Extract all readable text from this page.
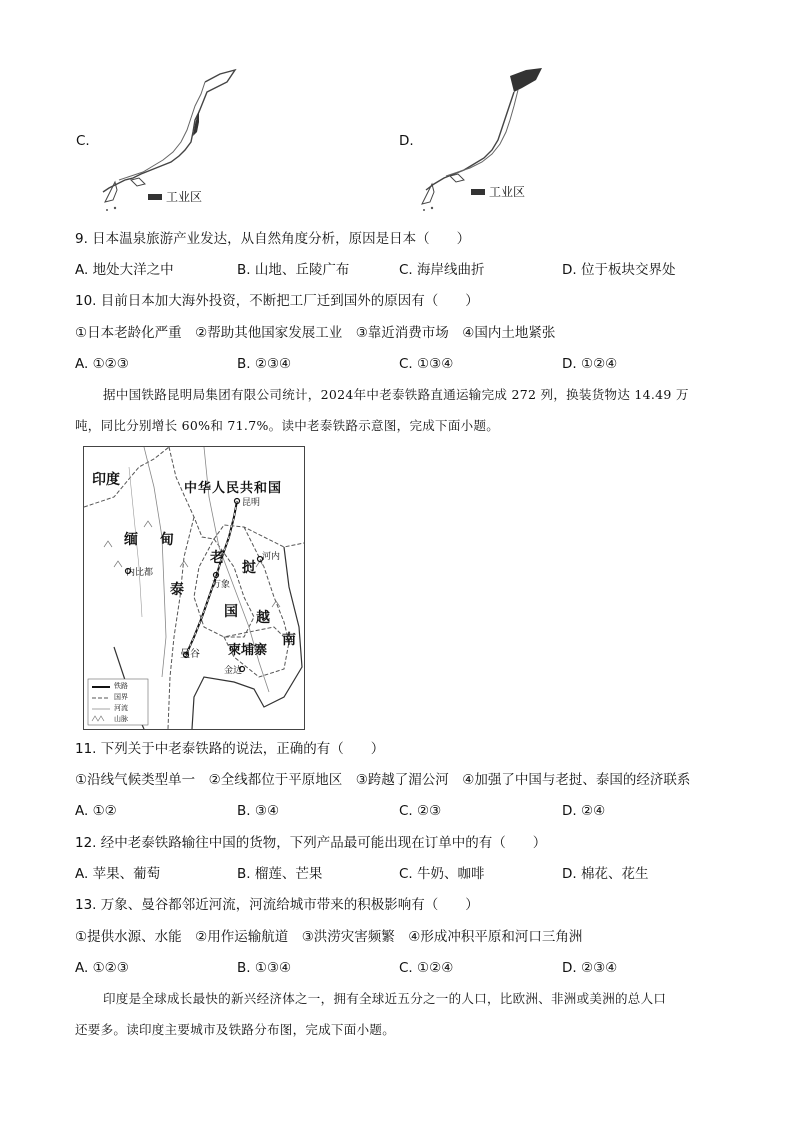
C.
工业区
D.
工业区
9. 日本温泉旅游产业发达，从自然角度分析，原因是日本（　　）
A. 地处大洋之中	B. 山地、丘陵广布	C. 海岸线曲折	D. 位于板块交界处
10. 目前日本加大海外投资，不断把工厂迁到国外的原因有（　　）
①日本老龄化严重　②帮助其他国家发展工业　③靠近消费市场　④国内土地紧张
A. ①②③	B. ②③④	C. ①③④	D. ①②④
据中国铁路昆明局集团有限公司统计，2024年中老泰铁路直通运输完成 272 列，换装货物达 14.49 万
吨，同比分别增长 60%和 71.7%。读中老泰铁路示意图，完成下面小题。
印度
中华人民共和国
昆明
缅 甸
内比都
老
挝
河内
万象
泰
国 越
南
柬埔寨
曼谷
金边
铁路
国界
河流
山脉
11. 下列关于中老泰铁路的说法，正确的有（　　）
①沿线气候类型单一　②全线都位于平原地区　③跨越了湄公河　④加强了中国与老挝、泰国的经济联系
A. ①②	B. ③④	C. ②③	D. ②④
12. 经中老泰铁路输往中国的货物，下列产品最可能出现在订单中的有（　　）
A. 苹果、葡萄	B. 榴莲、芒果	C. 牛奶、咖啡	D. 棉花、花生
13. 万象、曼谷都邻近河流，河流给城市带来的积极影响有（　　）
①提供水源、水能　②用作运输航道　③洪涝灾害频繁　④形成冲积平原和河口三角洲
A. ①②③	B. ①③④	C. ①②④	D. ②③④
印度是全球成长最快的新兴经济体之一，拥有全球近五分之一的人口，比欧洲、非洲或美洲的总人口
还要多。读印度主要城市及铁路分布图，完成下面小题。
